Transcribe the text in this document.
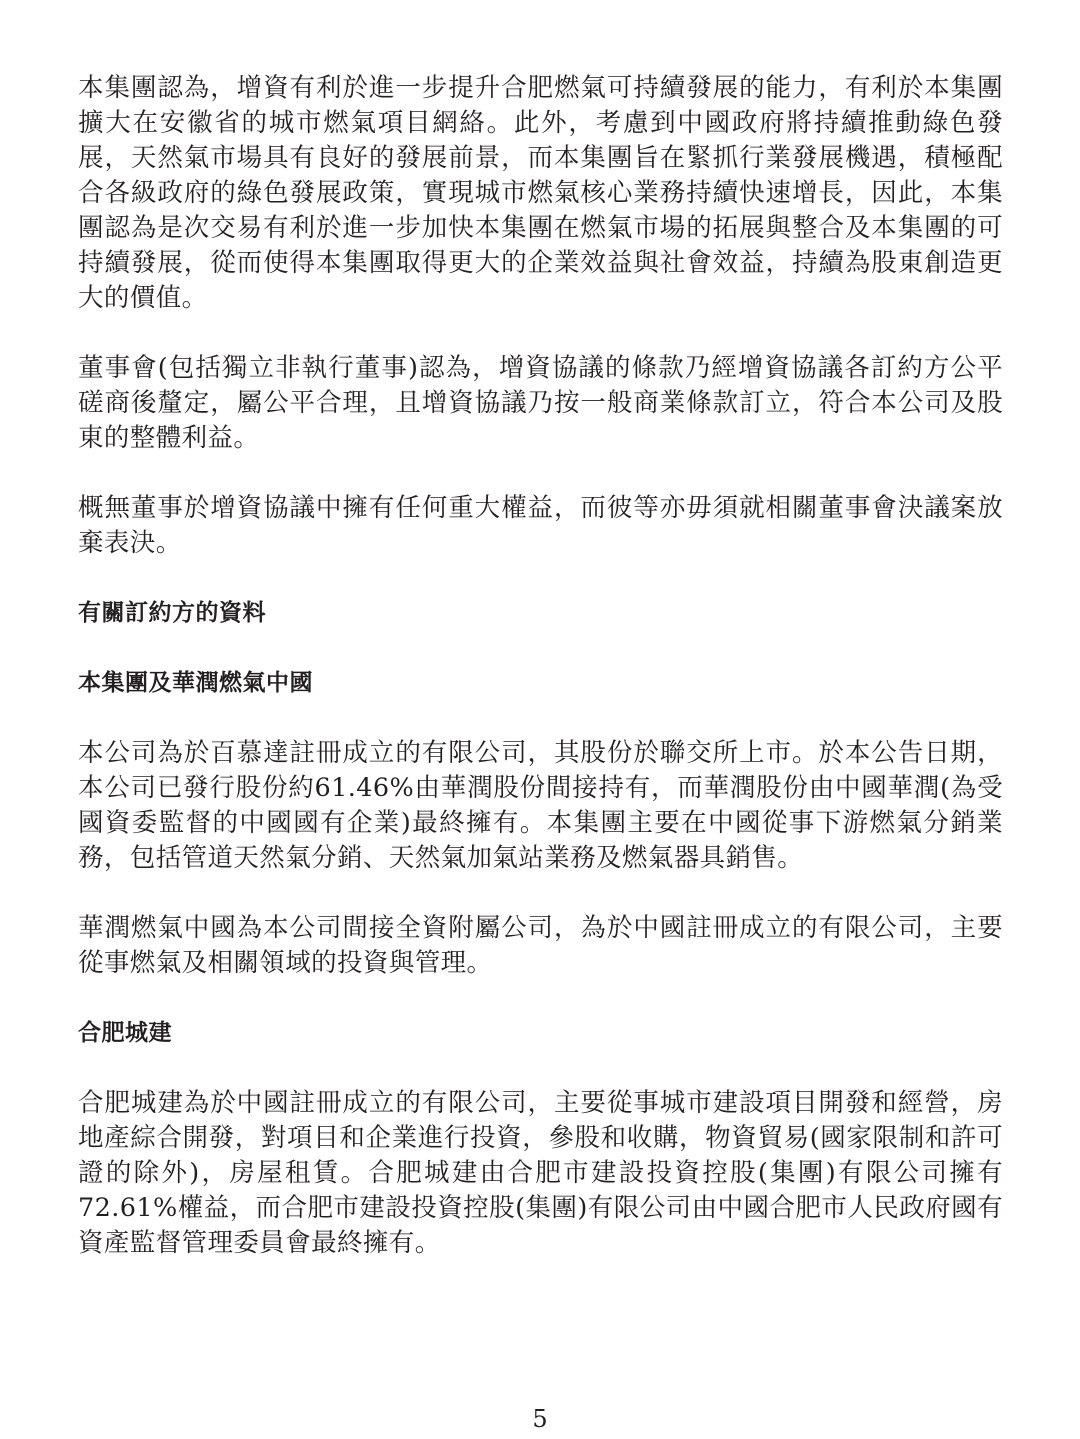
本集團認為，增資有利於進一步提升合肥燃氣可持續發展的能力，有利於本集團擴大在安徽省的城市燃氣項目網絡。此外，考慮到中國政府將持續推動綠色發展，天然氣市場具有良好的發展前景，而本集團旨在緊抓行業發展機遇，積極配合各級政府的綠色發展政策，實現城市燃氣核心業務持續快速增長，因此，本集團認為是次交易有利於進一步加快本集團在燃氣市場的拓展與整合及本集團的可持續發展，從而使得本集團取得更大的企業效益與社會效益，持續為股東創造更大的價值。

董事會(包括獨立非執行董事)認為，增資協議的條款乃經增資協議各訂約方公平磋商後釐定，屬公平合理，且增資協議乃按一般商業條款訂立，符合本公司及股東的整體利益。

概無董事於增資協議中擁有任何重大權益，而彼等亦毋須就相關董事會決議案放棄表決。

有關訂約方的資料
本集團及華潤燃氣中國

本公司為於百慕達註冊成立的有限公司，其股份於聯交所上市。於本公告日期，本公司已發行股份約61.46%由華潤股份間接持有，而華潤股份由中國華潤(為受國資委監督的中國國有企業)最終擁有。本集團主要在中國從事下游燃氣分銷業務，包括管道天然氣分銷、天然氣加氣站業務及燃氣器具銷售。

華潤燃氣中國為本公司間接全資附屬公司，為於中國註冊成立的有限公司，主要從事燃氣及相關領域的投資與管理。

合肥城建

合肥城建為於中國註冊成立的有限公司，主要從事城市建設項目開發和經營，房地產綜合開發，對項目和企業進行投資，參股和收購，物資貿易(國家限制和許可證的除外)，房屋租賃。合肥城建由合肥市建設投資控股(集團)有限公司擁有72.61%權益，而合肥市建設投資控股(集團)有限公司由中國合肥市人民政府國有資產監督管理委員會最終擁有。

5
